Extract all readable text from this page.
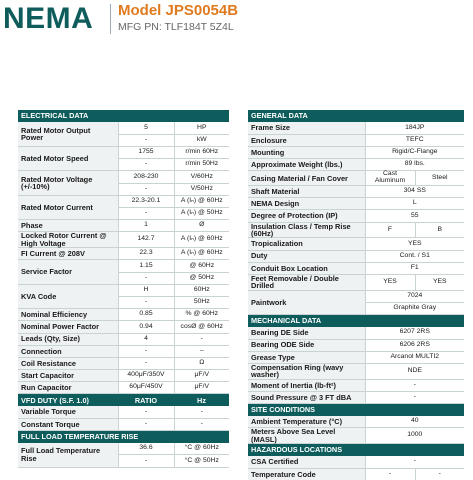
NEMA Model JPS0054B
MFG PN: TLF184T 5Z4L
ELECTRICAL DATA		
Rated Motor Output Power	5	HP
	-	kW
Rated Motor Speed	1755	r/min 60Hz
	-	r/min 50Hz
Rated Motor Voltage (+/-10%)	208-230	V/60Hz
	-	V/50Hz
Rated Motor Current	22.3-20.1	A (Iₙ) @ 60Hz
	-	A (Iₙ) @ 50Hz
Phase	1	Ø
Locked Rotor Current @ High Voltage	142.7	A (Iₙ) @ 60Hz
FI Current @ 208V	22.3	A (Iₙ) @ 60Hz
Service Factor	1.15	@ 60Hz
	-	@ 50Hz
KVA Code	H	60Hz
	-	50Hz
Nominal Efficiency	0.85	% @ 60Hz
Nominal Power Factor	0.94	cosØ @ 60Hz
Leads (Qty, Size)	4	-
Connection	-	–
Coil Resistance	-	Ω
Start Capacitor	400μF/350V	μF/V
Run Capacitor	60μF/450V	μF/V
VFD DUTY (S.F. 1.0)	RATIO	Hz
Variable Torque	-	-
Constant Torque	-	-
FULL LOAD TEMPERATURE RISE		
Full Load Temperature Rise	36.6	°C @ 60Hz
	-	°C @ 50Hz
GENERAL DATA		
Frame Size	184JP	
Enclosure	TEFC	
Mounting	Rigid/C-Flange	
Approximate Weight (lbs.)	89 lbs.	
Casing Material / Fan Cover	Cast Aluminum	Steel
Shaft Material	304 SS	
NEMA Design	L	
Degree of Protection (IP)	55	
Insulation Class / Temp Rise (60Hz)	F	B
Tropicalization	YES	
Duty	Cont. / S1	
Conduit Box Location	F1	
Feet Removable / Double Drilled	YES	YES
Paintwork	7024	
	Graphite Gray	
MECHANICAL DATA		
Bearing DE Side	6207 2RS	
Bearing ODE Side	6206 2RS	
Grease Type	Arcanol MULTI2	
Compensation Ring (wavy washer)	NDE	
Moment of Inertia (lb-ft²)	-	
Sound Pressure @ 3 FT dBA	-	
SITE CONDITIONS		
Ambient Temperature (°C)	40	
Meters Above Sea Level (MASL)	1000	
HAZARDOUS LOCATIONS		
CSA Certified	-	
Temperature Code	-	-
